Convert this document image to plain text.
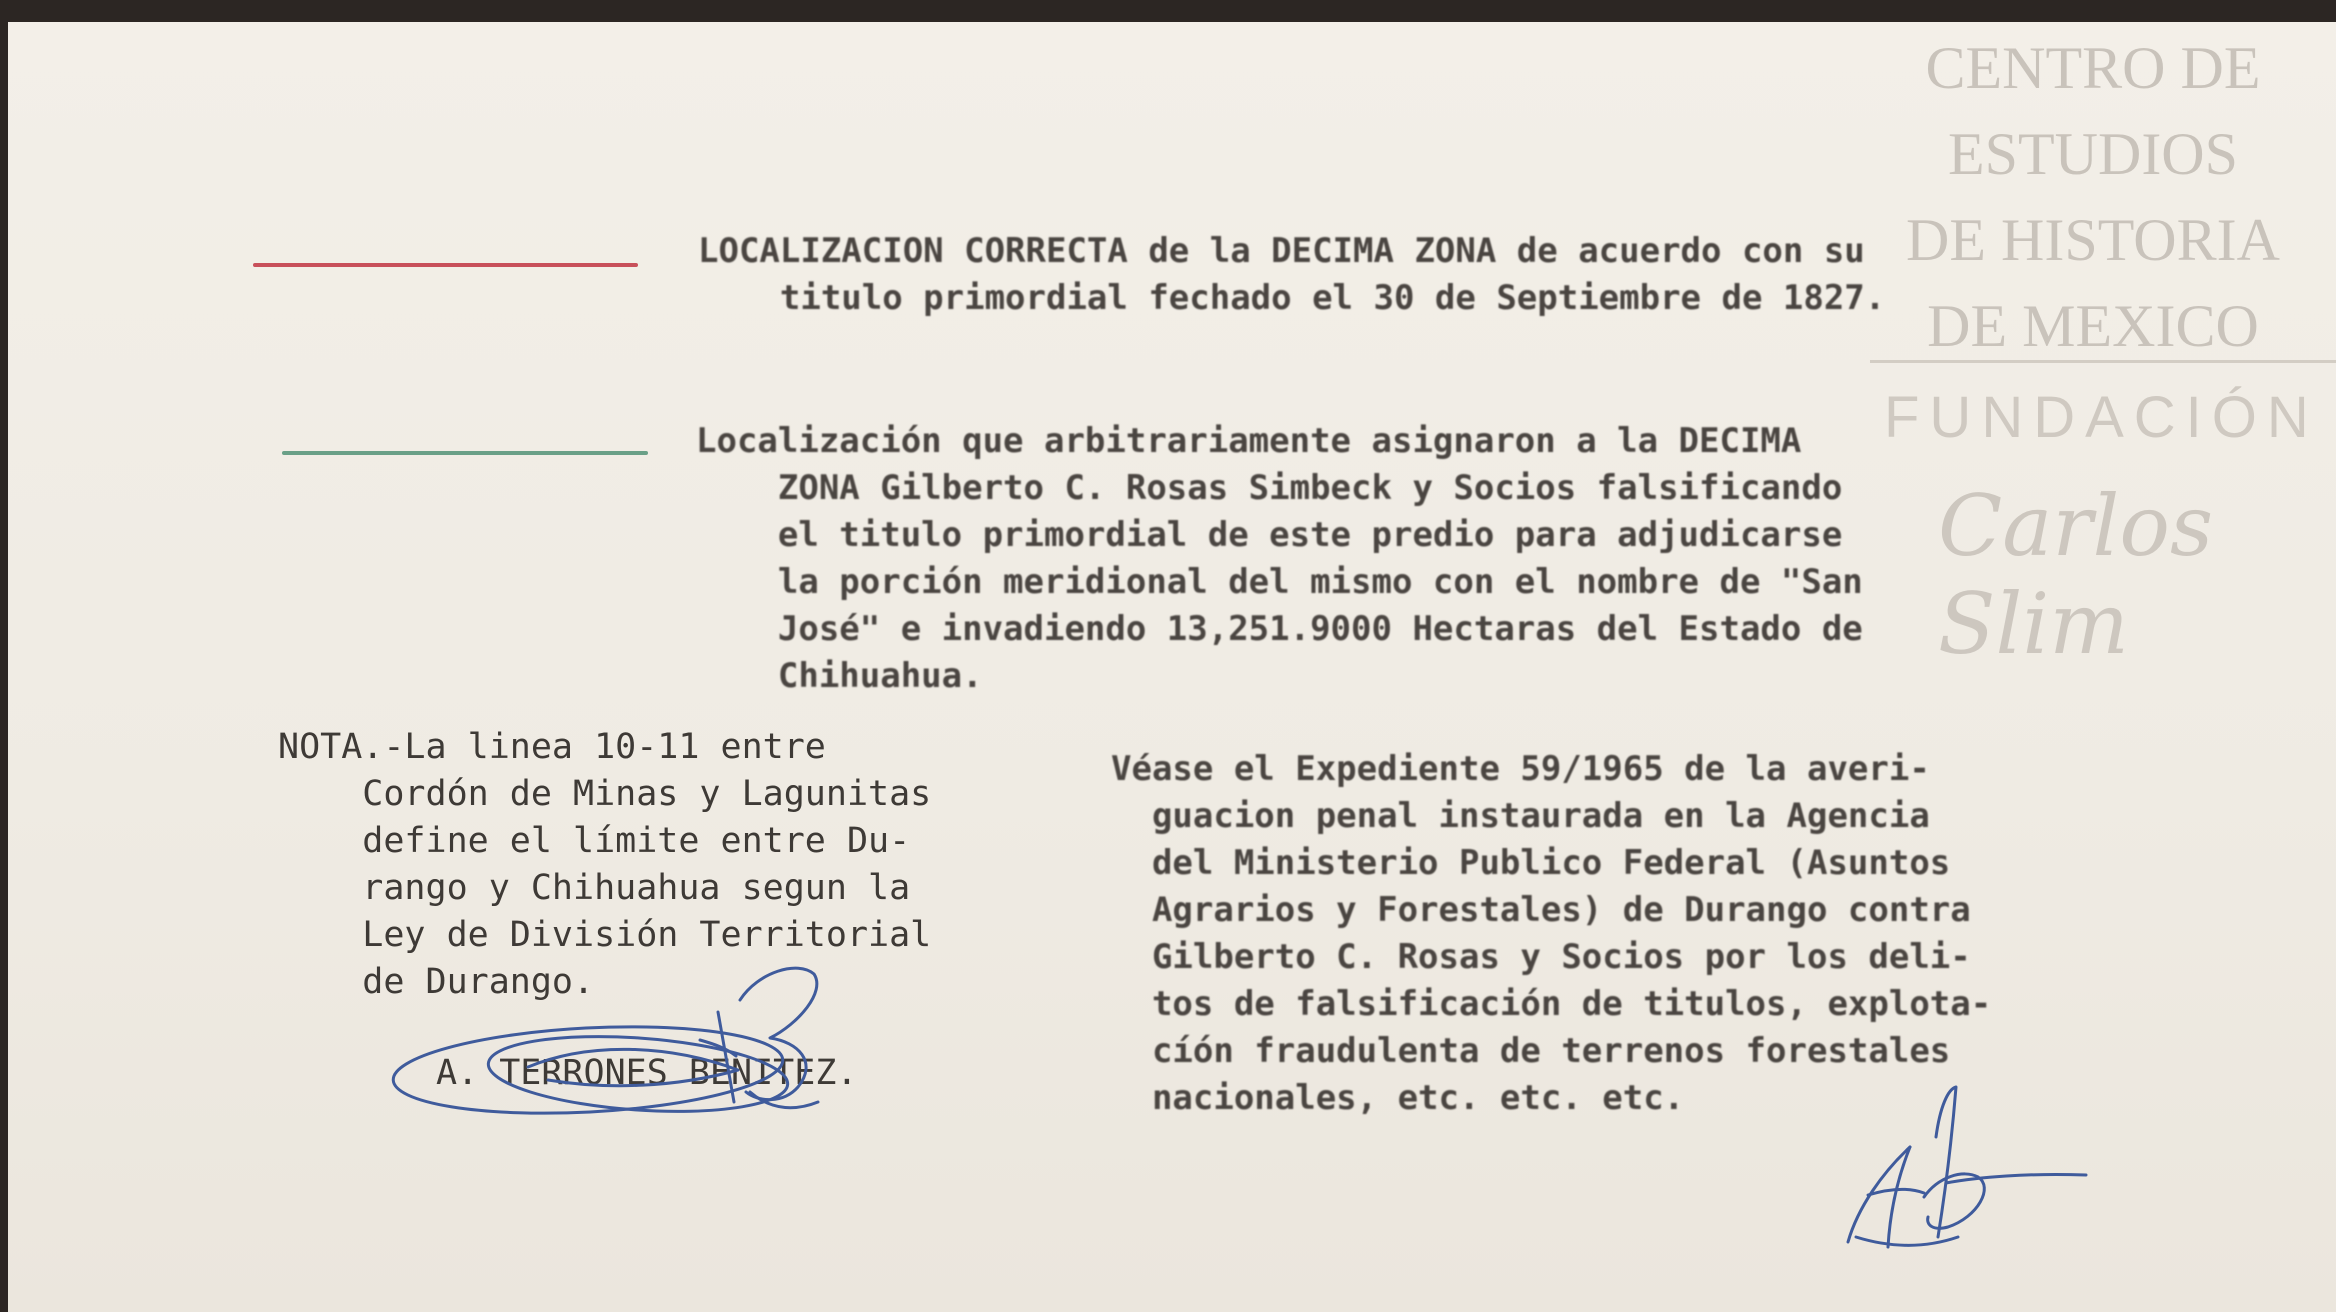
CENTRO DE
ESTUDIOS
DE HISTORIA
DE MEXICO
FUNDACIÓN
Carlos Slim
LOCALIZACION CORRECTA de la DECIMA ZONA de acuerdo con su
titulo primordial fechado el 30 de Septiembre de 1827.
Localización que arbitrariamente asignaron a la DECIMA
ZONA Gilberto C. Rosas Simbeck y Socios falsificando
el titulo primordial de este predio para adjudicarse
la porción meridional del mismo con el nombre de "San
José" e invadiendo 13,251.9000 Hectaras del Estado de
Chihuahua.
NOTA.-La linea 10-11 entre
Cordón de Minas y Lagunitas
define el límite entre Du-
rango y Chihuahua segun la
Ley de División Territorial
de Durango.
A. TERRONES BENITEZ.
Véase el Expediente 59/1965 de la averi-
guacion penal instaurada en la Agencia
del Ministerio Publico Federal (Asuntos
Agrarios y Forestales) de Durango contra
Gilberto C. Rosas y Socios por los deli-
tos de falsificación de titulos, explota-
cíón fraudulenta de terrenos forestales
nacionales, etc. etc. etc.
